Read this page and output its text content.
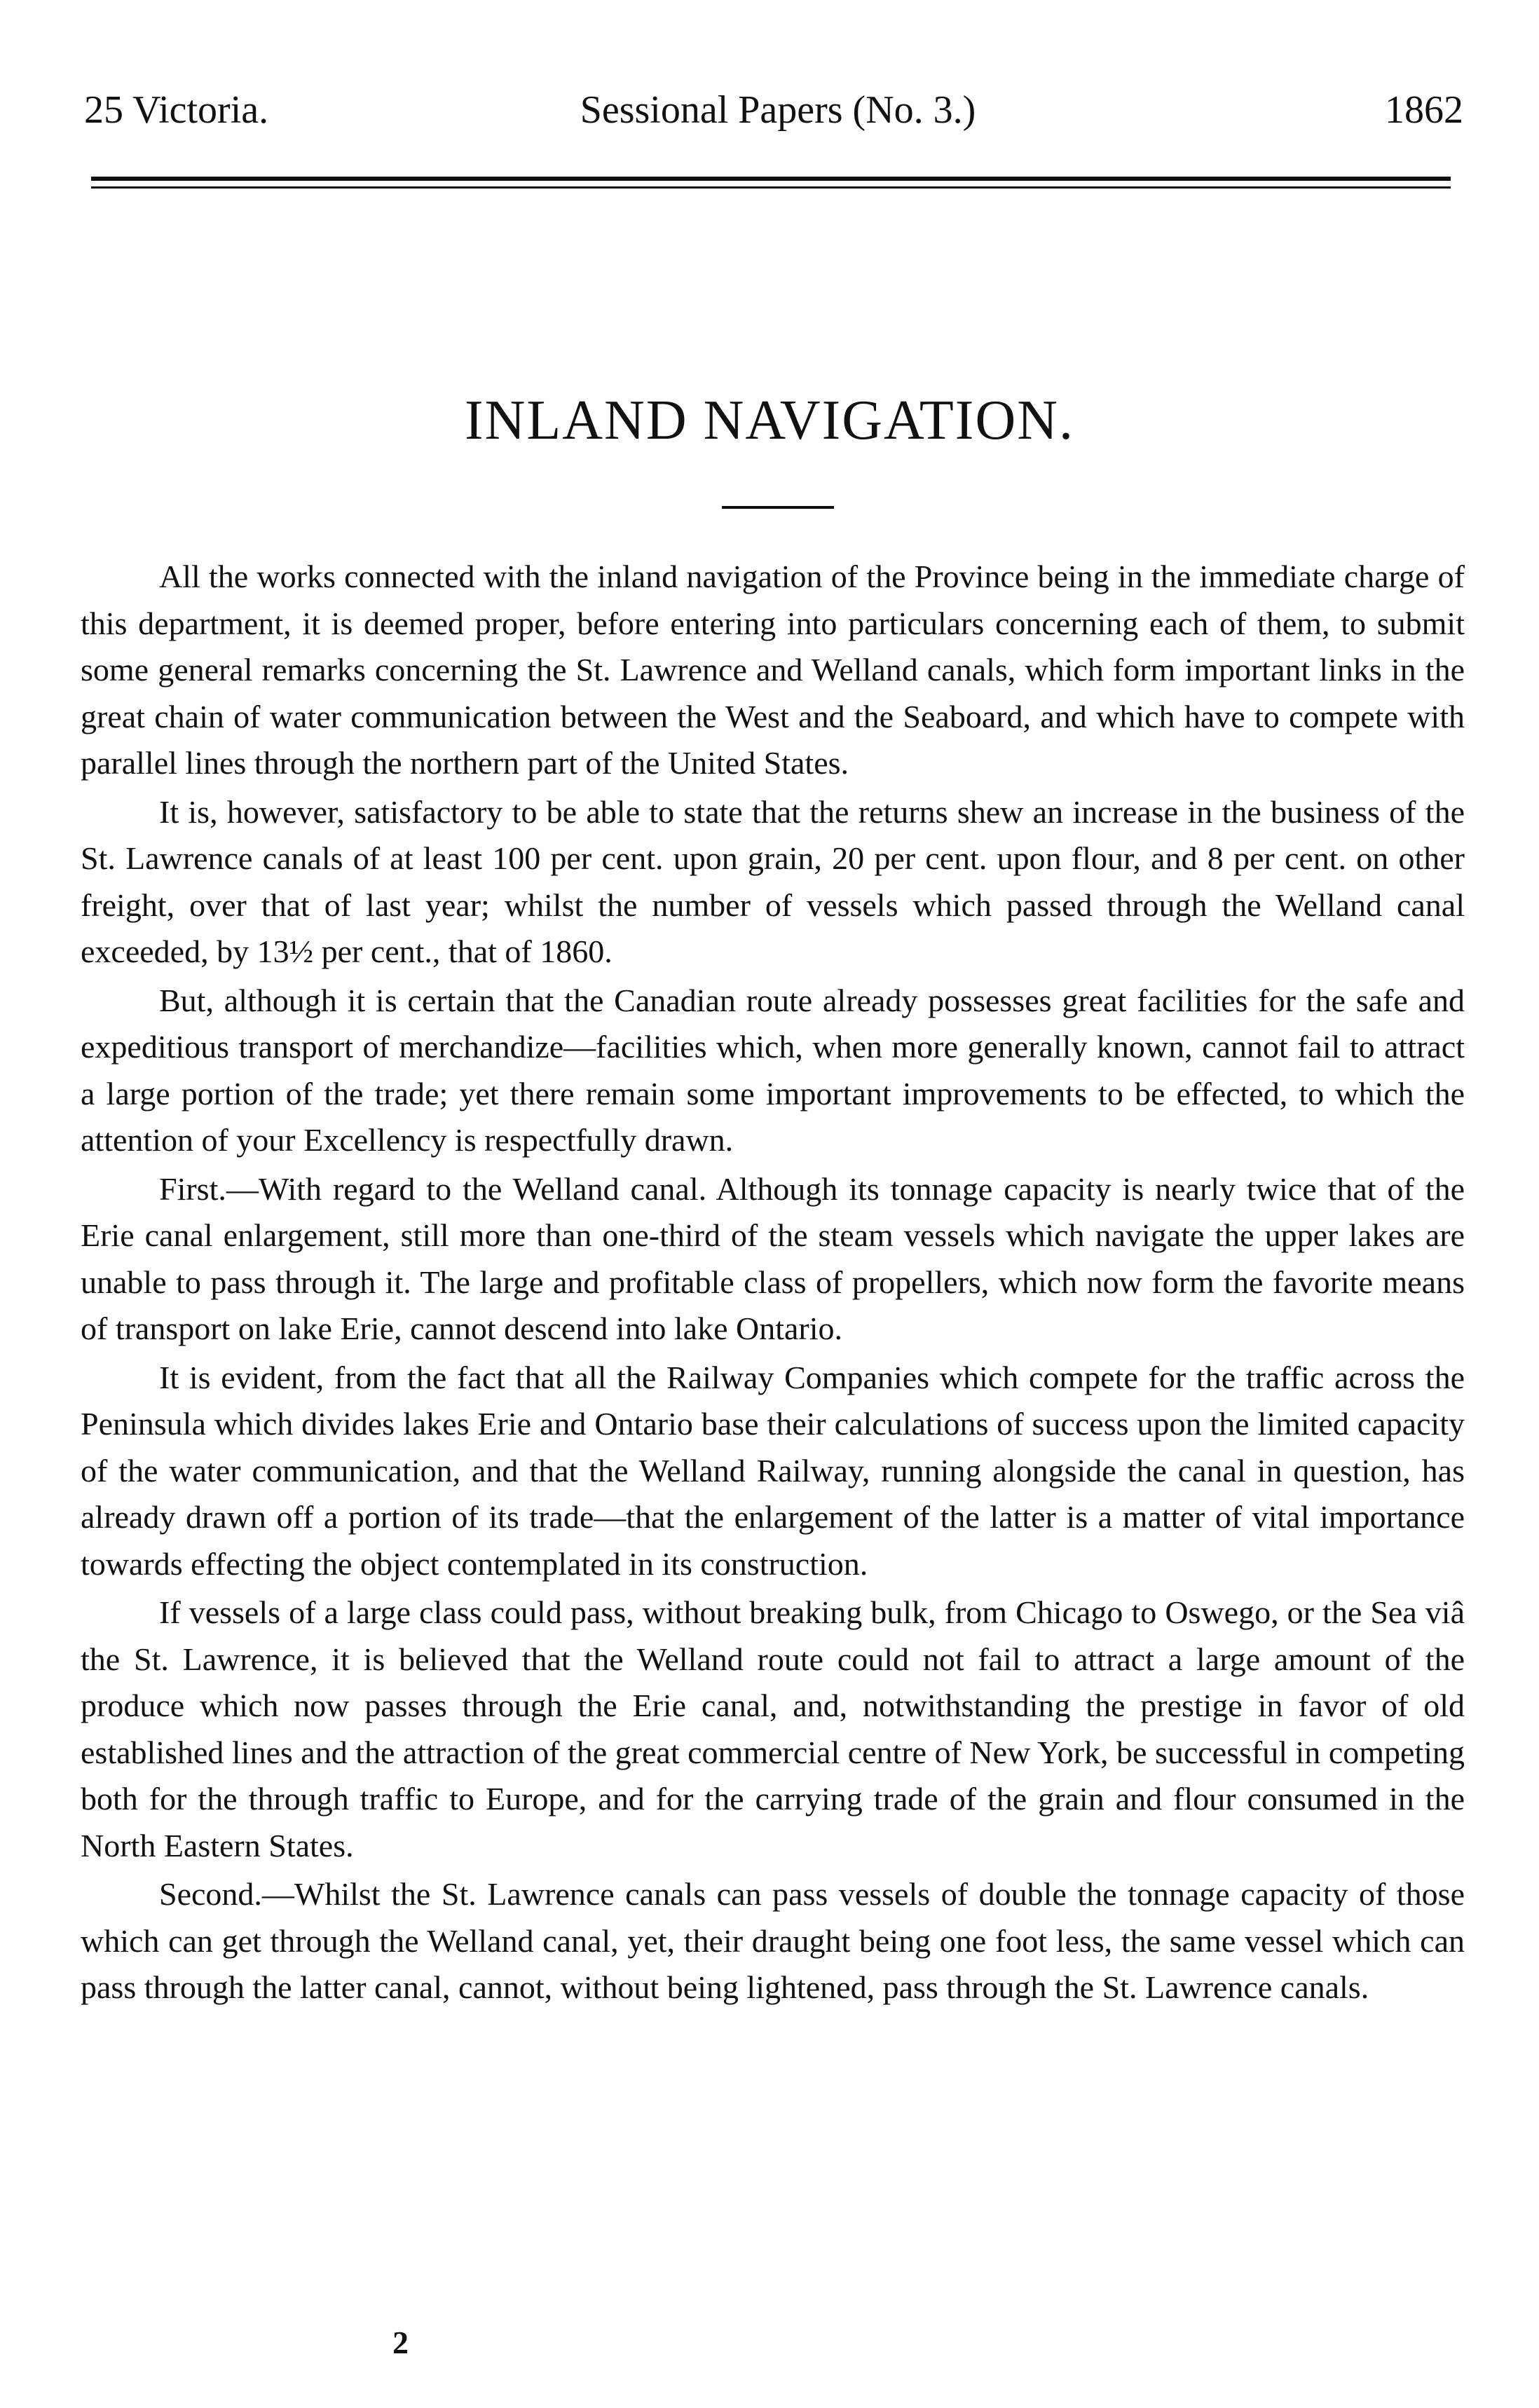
25 Victoria.	Sessional Papers (No. 3.)	1862
INLAND NAVIGATION.

All the works connected with the inland navigation of the Province being in the immediate charge of this department, it is deemed proper, before entering into particulars concerning each of them, to submit some general remarks concerning the St. Lawrence and Welland canals, which form important links in the great chain of water communication between the West and the Seaboard, and which have to compete with parallel lines through the northern part of the United States.

It is, however, satisfactory to be able to state that the returns shew an increase in the business of the St. Lawrence canals of at least 100 per cent. upon grain, 20 per cent. upon flour, and 8 per cent. on other freight, over that of last year; whilst the number of vessels which passed through the Welland canal exceeded, by 13½ per cent., that of 1860.

But, although it is certain that the Canadian route already possesses great facilities for the safe and expeditious transport of merchandize—facilities which, when more generally known, cannot fail to attract a large portion of the trade; yet there remain some important improvements to be effected, to which the attention of your Excellency is respectfully drawn.

First.—With regard to the Welland canal. Although its tonnage capacity is nearly twice that of the Erie canal enlargement, still more than one-third of the steam vessels which navigate the upper lakes are unable to pass through it. The large and profitable class of propellers, which now form the favorite means of transport on lake Erie, cannot descend into lake Ontario.

It is evident, from the fact that all the Railway Companies which compete for the traffic across the Peninsula which divides lakes Erie and Ontario base their calculations of success upon the limited capacity of the water communication, and that the Welland Railway, running alongside the canal in question, has already drawn off a portion of its trade—that the enlargement of the latter is a matter of vital importance towards effecting the object contemplated in its construction.

If vessels of a large class could pass, without breaking bulk, from Chicago to Oswego, or the Sea viâ the St. Lawrence, it is believed that the Welland route could not fail to attract a large amount of the produce which now passes through the Erie canal, and, notwithstanding the prestige in favor of old established lines and the attraction of the great commercial centre of New York, be successful in competing both for the through traffic to Europe, and for the carrying trade of the grain and flour consumed in the North Eastern States.

Second.—Whilst the St. Lawrence canals can pass vessels of double the tonnage capacity of those which can get through the Welland canal, yet, their draught being one foot less, the same vessel which can pass through the latter canal, cannot, without being lightened, pass through the St. Lawrence canals.

2
